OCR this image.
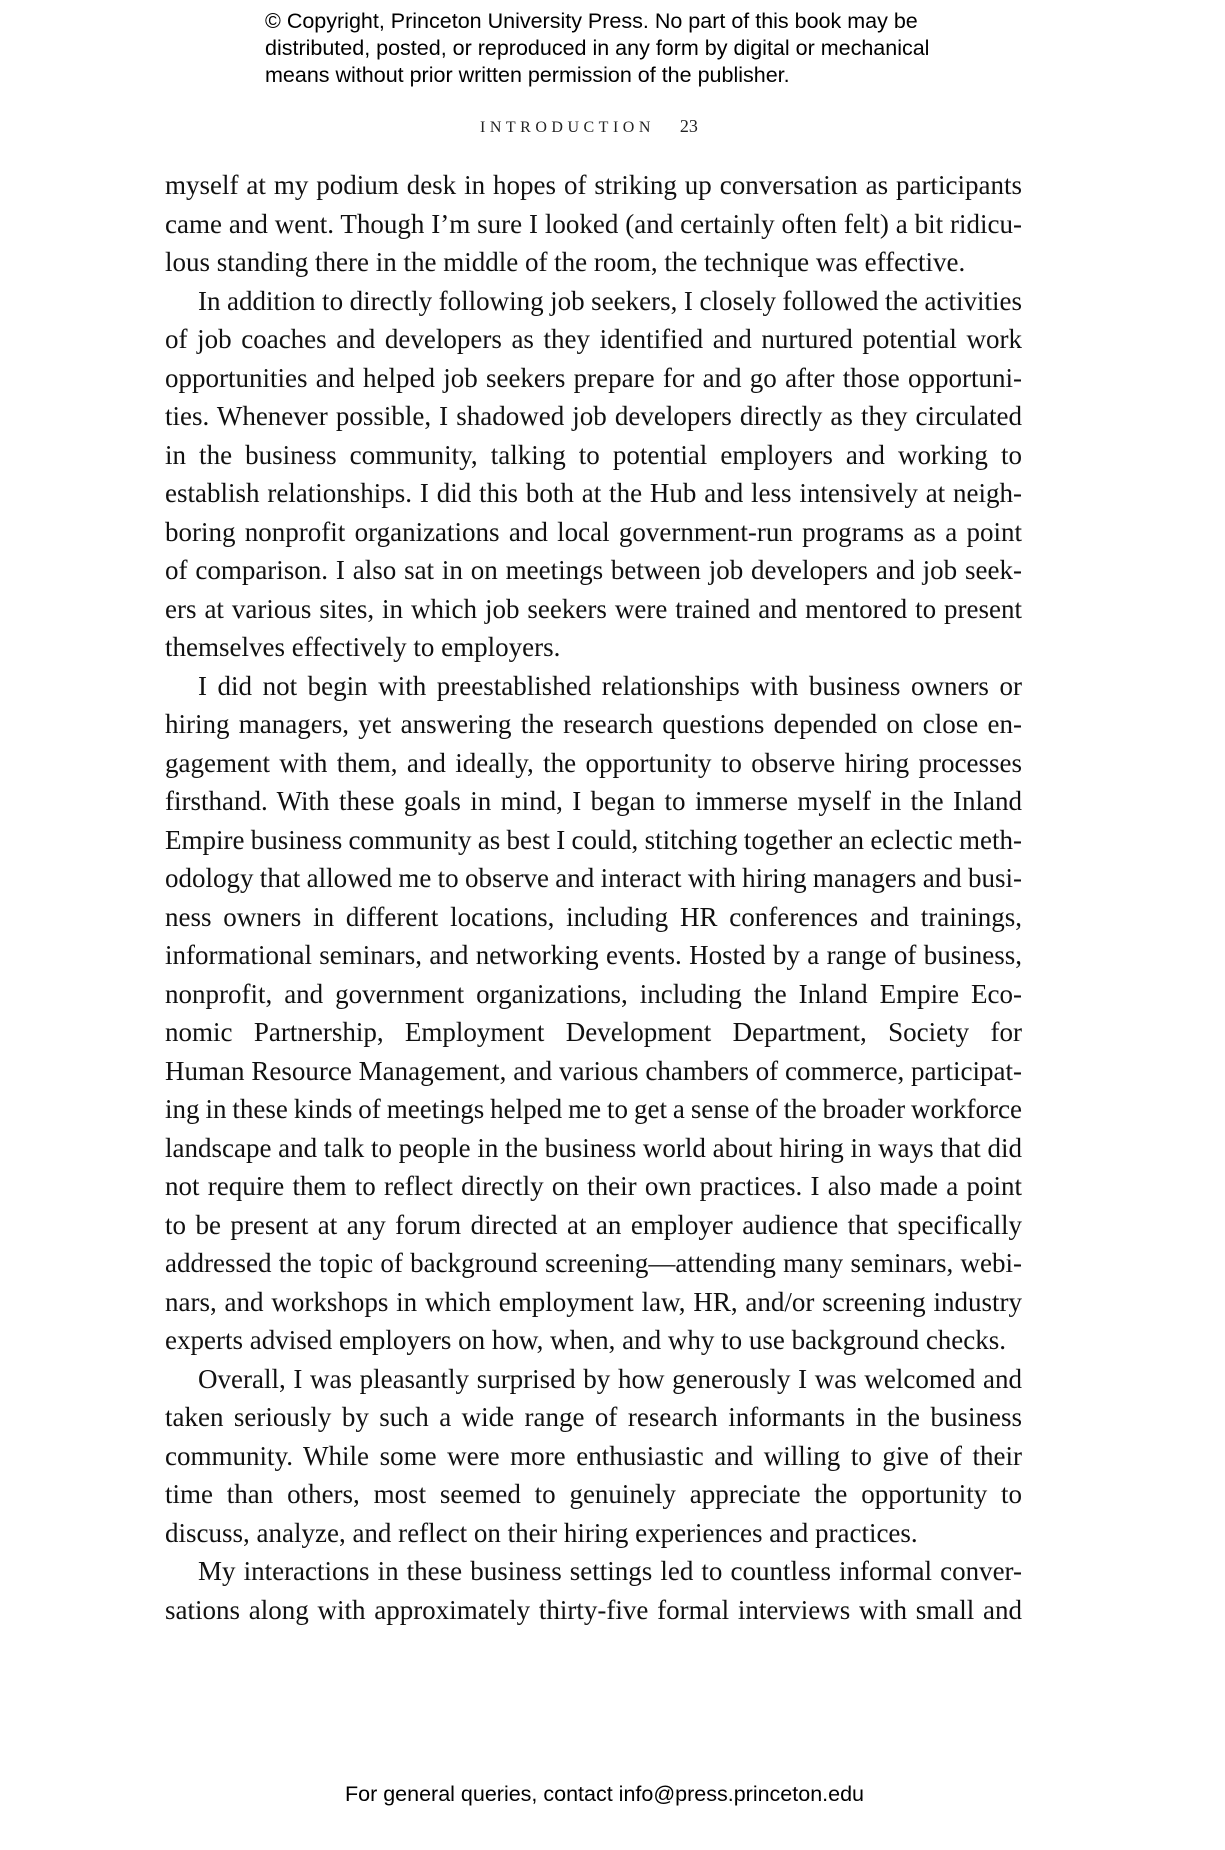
© Copyright, Princeton University Press. No part of this book may be
distributed, posted, or reproduced in any form by digital or mechanical
means without prior written permission of the publisher.
INTRODUCTION 23
myself at my podium desk in hopes of striking up conversation as participants
came and went. Though I’m sure I looked (and certainly often felt) a bit ridicu-
lous standing there in the middle of the room, the technique was effective.
In addition to directly following job seekers, I closely followed the activities
of job coaches and developers as they identified and nurtured potential work
opportunities and helped job seekers prepare for and go after those opportuni-
ties. Whenever possible, I shadowed job developers directly as they circulated
in the business community, talking to potential employers and working to
establish relationships. I did this both at the Hub and less intensively at neigh-
boring nonprofit organizations and local government-run programs as a point
of comparison. I also sat in on meetings between job developers and job seek-
ers at various sites, in which job seekers were trained and mentored to present
themselves effectively to employers.
I did not begin with preestablished relationships with business owners or
hiring managers, yet answering the research questions depended on close en-
gagement with them, and ideally, the opportunity to observe hiring processes
firsthand. With these goals in mind, I began to immerse myself in the Inland
Empire business community as best I could, stitching together an eclectic meth-
odology that allowed me to observe and interact with hiring managers and busi-
ness owners in different locations, including HR conferences and trainings,
informational seminars, and networking events. Hosted by a range of business,
nonprofit, and government organizations, including the Inland Empire Eco-
nomic Partnership, Employment Development Department, Society for
Human Resource Management, and various chambers of commerce, participat-
ing in these kinds of meetings helped me to get a sense of the broader workforce
landscape and talk to people in the business world about hiring in ways that did
not require them to reflect directly on their own practices. I also made a point
to be present at any forum directed at an employer audience that specifically
addressed the topic of background screening—attending many seminars, webi-
nars, and workshops in which employment law, HR, and/or screening industry
experts advised employers on how, when, and why to use background checks.
Overall, I was pleasantly surprised by how generously I was welcomed and
taken seriously by such a wide range of research informants in the business
community. While some were more enthusiastic and willing to give of their
time than others, most seemed to genuinely appreciate the opportunity to
discuss, analyze, and reflect on their hiring experiences and practices.
My interactions in these business settings led to countless informal conver-
sations along with approximately thirty-five formal interviews with small and
For general queries, contact info@press.princeton.edu
